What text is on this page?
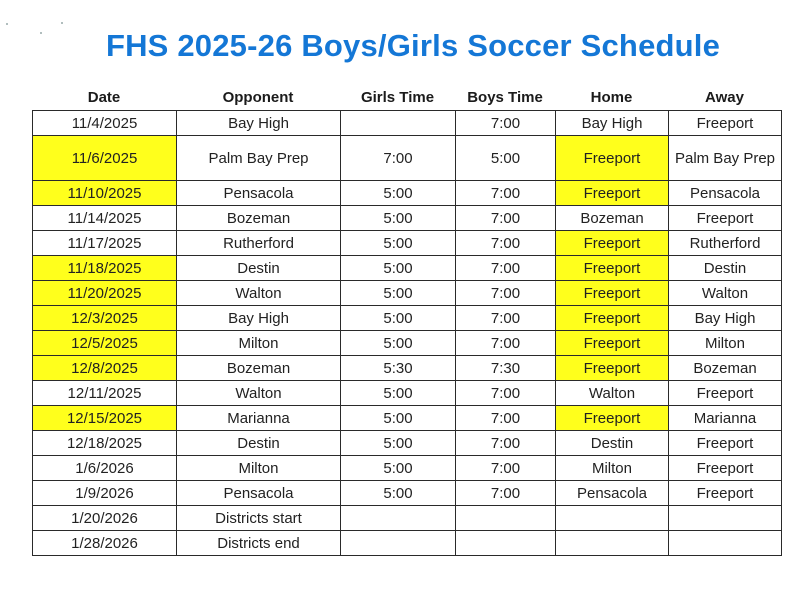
FHS 2025-26 Boys/Girls Soccer Schedule
Date	Opponent	Girls Time	Boys Time	Home	Away
11/4/2025	Bay High		7:00	Bay High	Freeport
11/6/2025	Palm Bay Prep	7:00	5:00	Freeport	Palm Bay Prep
11/10/2025	Pensacola	5:00	7:00	Freeport	Pensacola
11/14/2025	Bozeman	5:00	7:00	Bozeman	Freeport
11/17/2025	Rutherford	5:00	7:00	Freeport	Rutherford
11/18/2025	Destin	5:00	7:00	Freeport	Destin
11/20/2025	Walton	5:00	7:00	Freeport	Walton
12/3/2025	Bay High	5:00	7:00	Freeport	Bay High
12/5/2025	Milton	5:00	7:00	Freeport	Milton
12/8/2025	Bozeman	5:30	7:30	Freeport	Bozeman
12/11/2025	Walton	5:00	7:00	Walton	Freeport
12/15/2025	Marianna	5:00	7:00	Freeport	Marianna
12/18/2025	Destin	5:00	7:00	Destin	Freeport
1/6/2026	Milton	5:00	7:00	Milton	Freeport
1/9/2026	Pensacola	5:00	7:00	Pensacola	Freeport
1/20/2026	Districts start				
1/28/2026	Districts end				
